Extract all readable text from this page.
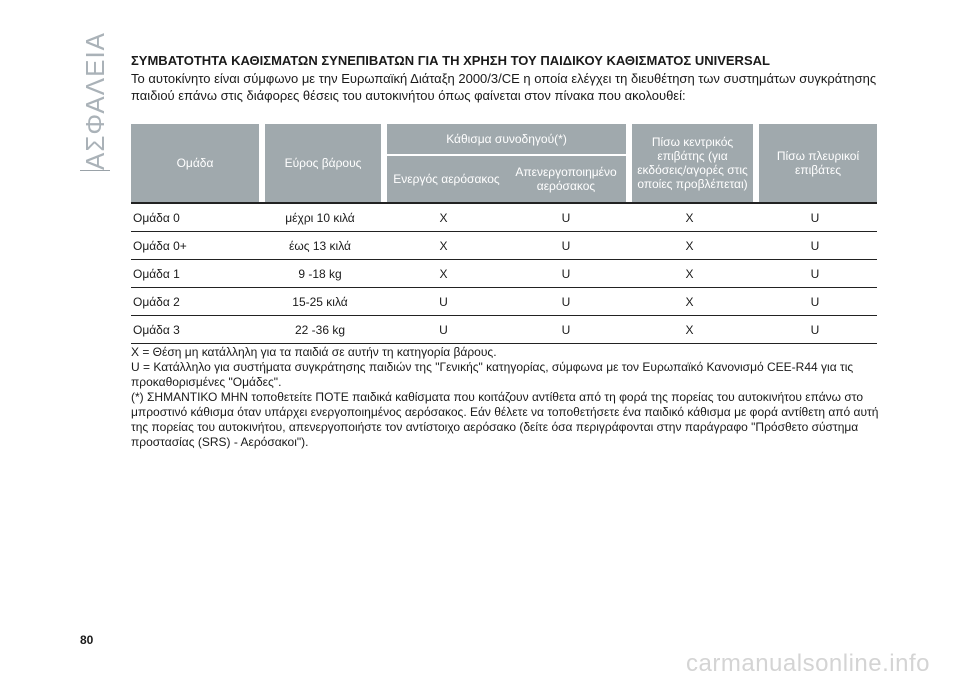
ΑΣΦΑΛΕΙΑ ΣΥΜΒΑΤΟΤΗΤΑ ΚΑΘΙΣΜΑΤΩΝ ΣΥΝΕΠΙΒΑΤΩΝ ΓΙΑ ΤΗ ΧΡΗΣΗ ΤΟΥ ΠΑΙΔΙΚΟΥ ΚΑΘΙΣΜΑΤΟΣ UNIVERSAL
Το αυτοκίνητο είναι σύμφωνο με την Ευρωπαϊκή Διάταξη 2000/3/CE η οποία ελέγχει τη διευθέτηση των συστημάτων συγκράτησης παιδιού επάνω στις διάφορες θέσεις του αυτοκινήτου όπως φαίνεται στον πίνακα που ακολουθεί:
Ομάδα	Εύρος βάρους	Κάθισμα συνοδηγού(*)		Πίσω κεντρικός επιβάτης (για εκδόσεις/αγορές στις οποίες προβλέπεται)	Πίσω πλευρικοί επιβάτες
		Ενεργός αερόσακος	Απενεργοποιημένο αερόσακος		
Ομάδα 0	μέχρι 10 κιλά	X	U	X	U
Ομάδα 0+	έως 13 κιλά	X	U	X	U
Ομάδα 1	9 -18 kg	X	U	X	U
Ομάδα 2	15-25 κιλά	U	U	X	U
Ομάδα 3	22 -36 kg	U	U	X	U

X = Θέση μη κατάλληλη για τα παιδιά σε αυτήν τη κατηγορία βάρους.

U = Κατάλληλο για συστήματα συγκράτησης παιδιών της "Γενικής" κατηγορίας, σύμφωνα με τον Ευρωπαϊκό Κανονισμό CEE-R44 για τις προκαθορισμένες "Ομάδες".

(*) ΣΗΜΑΝΤΙΚΟ ΜΗΝ τοποθετείτε ΠΟΤΕ παιδικά καθίσματα που κοιτάζουν αντίθετα από τη φορά της πορείας του αυτοκινήτου επάνω στο μπροστινό κάθισμα όταν υπάρχει ενεργοποιημένος αερόσακος. Εάν θέλετε να τοποθετήσετε ένα παιδικό κάθισμα με φορά αντίθετη από αυτή της πορείας του αυτοκινήτου, απενεργοποιήστε τον αντίστοιχο αερόσακο (δείτε όσα περιγράφονται στην παράγραφο "Πρόσθετο σύστημα προστασίας (SRS) - Αερόσακοι").

80
carmanualsonline.info
